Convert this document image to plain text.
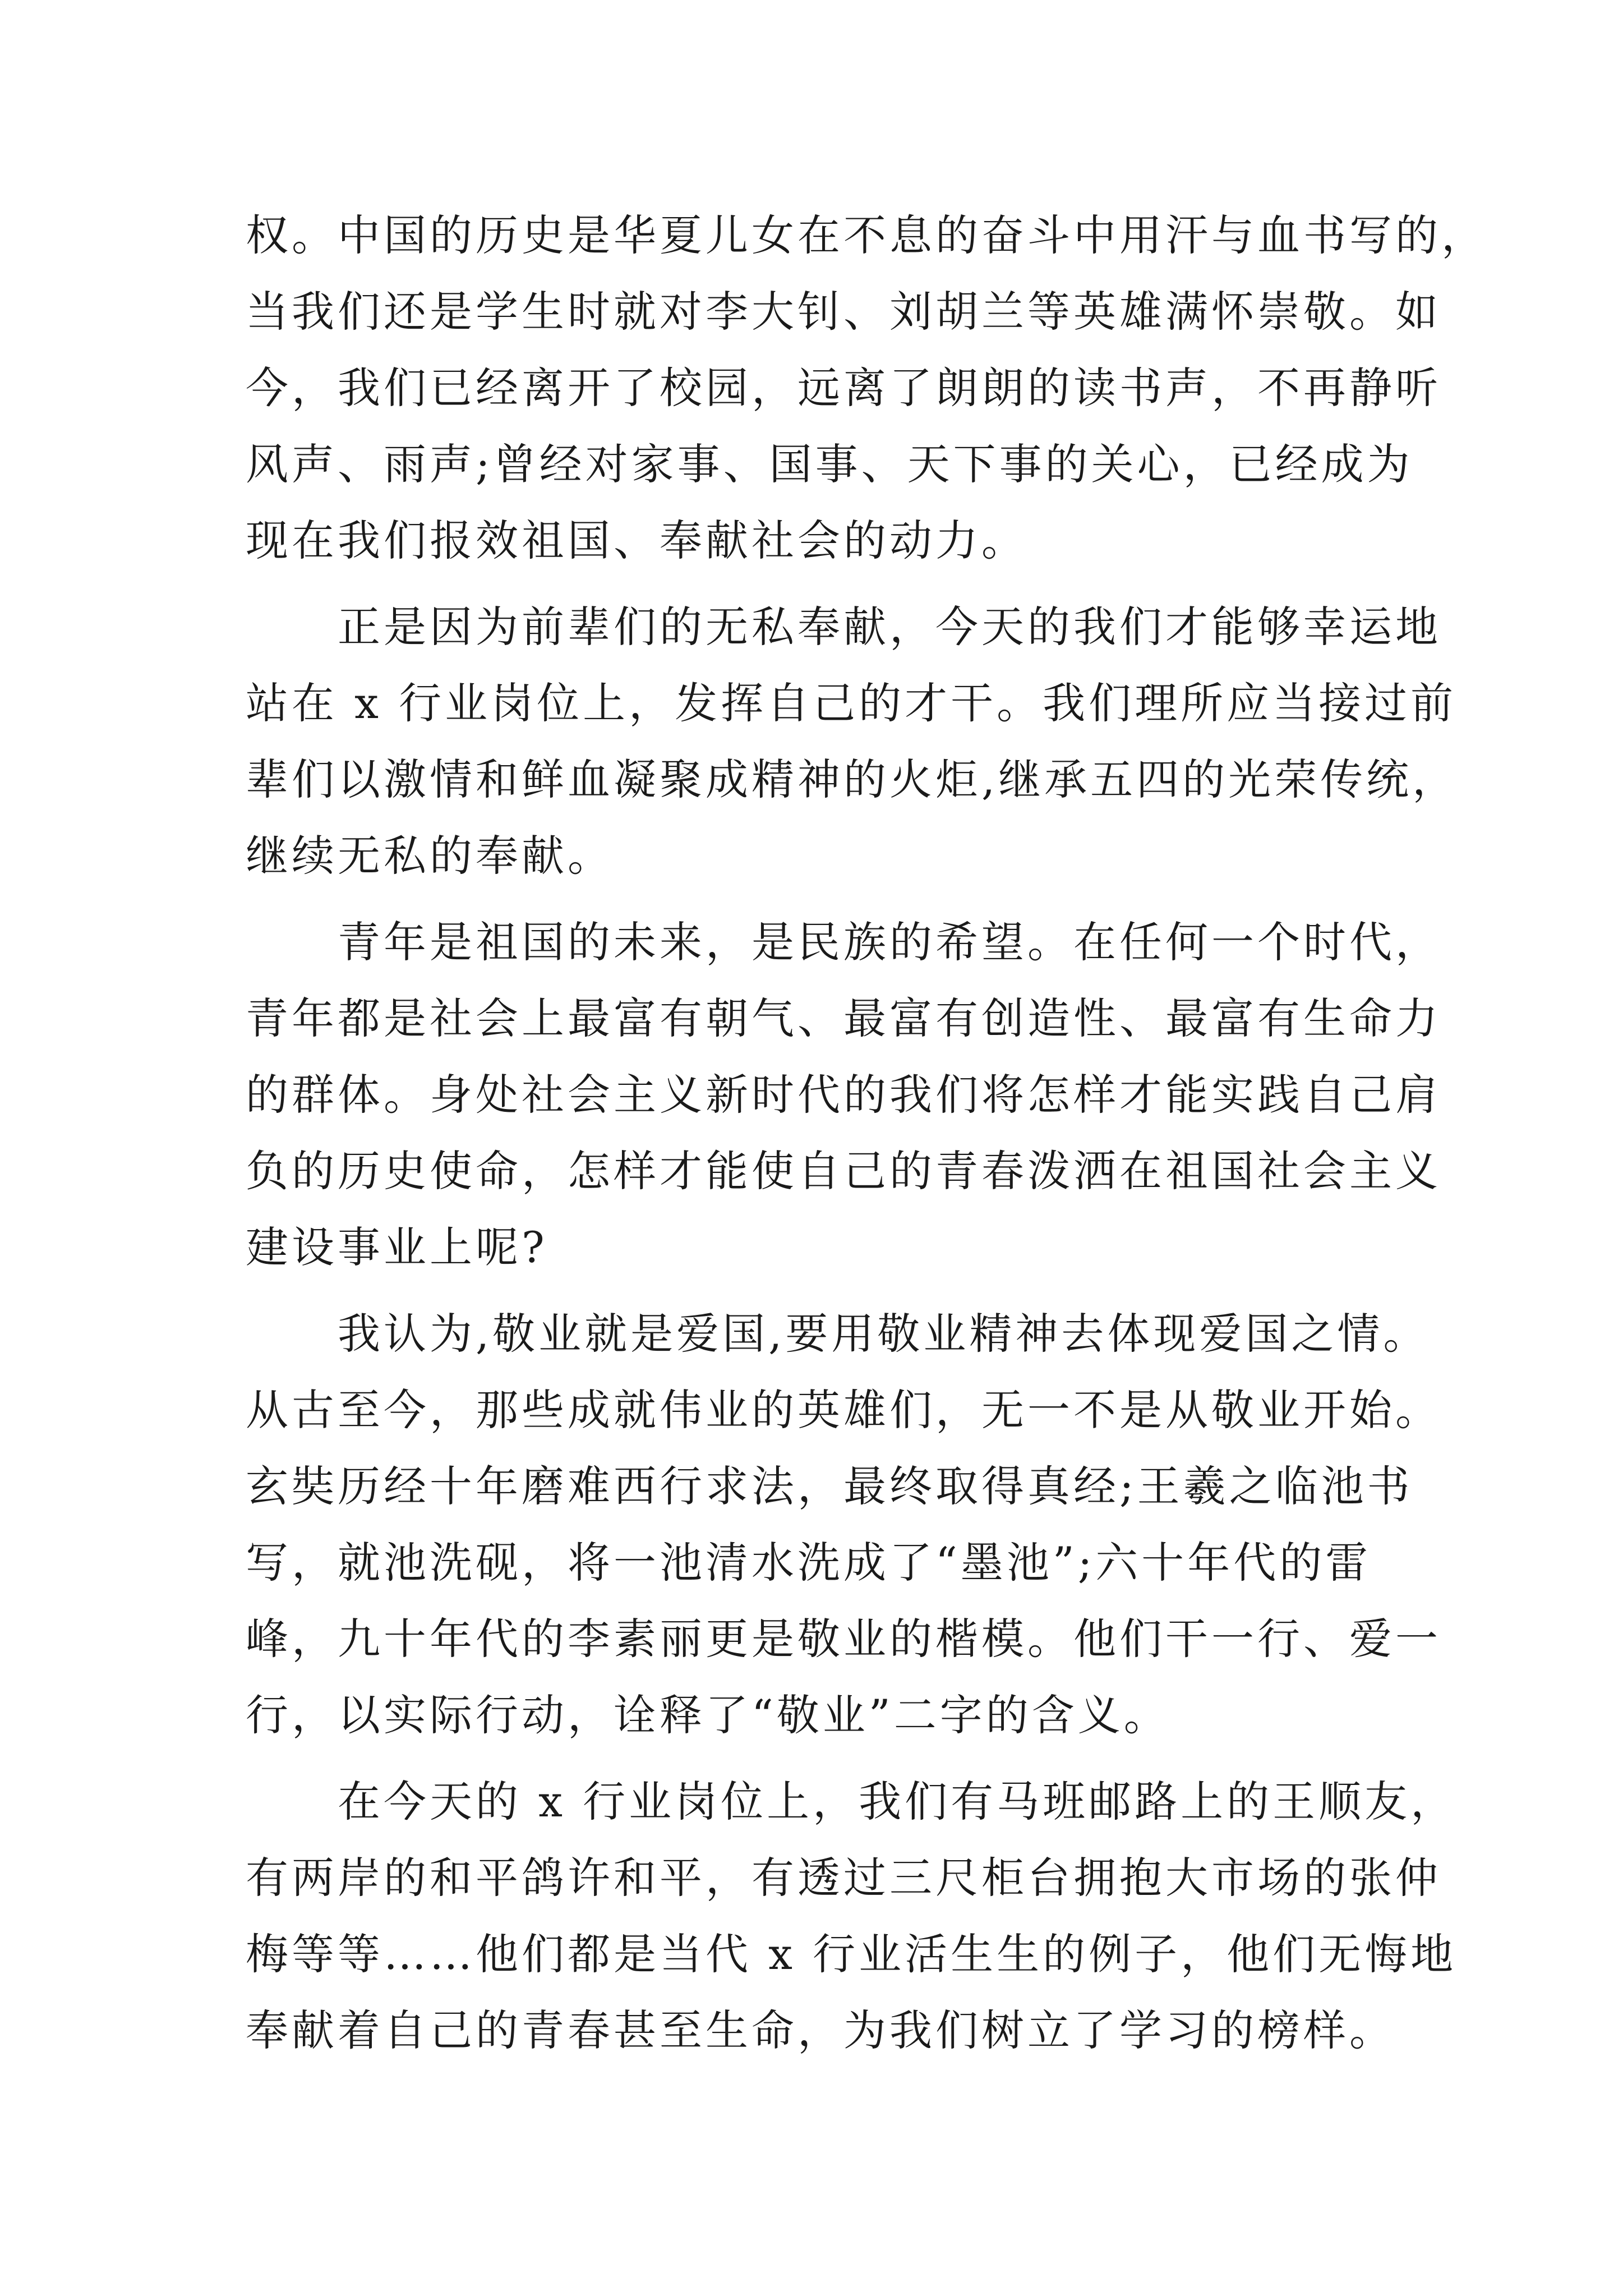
权。中国的历史是华夏儿女在不息的奋斗中用汗与血书写的，
当我们还是学生时就对李大钊、刘胡兰等英雄满怀崇敬。如
今，我们已经离开了校园，远离了朗朗的读书声，不再静听
风声、雨声;曾经对家事、国事、天下事的关心，已经成为
现在我们报效祖国、奉献社会的动力。
　　正是因为前辈们的无私奉献，今天的我们才能够幸运地
站在 x 行业岗位上，发挥自己的才干。我们理所应当接过前
辈们以激情和鲜血凝聚成精神的火炬,继承五四的光荣传统，
继续无私的奉献。
　　青年是祖国的未来，是民族的希望。在任何一个时代，
青年都是社会上最富有朝气、最富有创造性、最富有生命力
的群体。身处社会主义新时代的我们将怎样才能实践自己肩
负的历史使命，怎样才能使自己的青春泼洒在祖国社会主义
建设事业上呢?
　　我认为,敬业就是爱国,要用敬业精神去体现爱国之情。
从古至今，那些成就伟业的英雄们，无一不是从敬业开始。
玄奘历经十年磨难西行求法，最终取得真经;王羲之临池书
写，就池洗砚，将一池清水洗成了“墨池”;六十年代的雷
峰，九十年代的李素丽更是敬业的楷模。他们干一行、爱一
行，以实际行动，诠释了“敬业”二字的含义。
　　在今天的 x 行业岗位上，我们有马班邮路上的王顺友，
有两岸的和平鸽许和平，有透过三尺柜台拥抱大市场的张仲
梅等等……他们都是当代 x 行业活生生的例子，他们无悔地
奉献着自己的青春甚至生命，为我们树立了学习的榜样。
